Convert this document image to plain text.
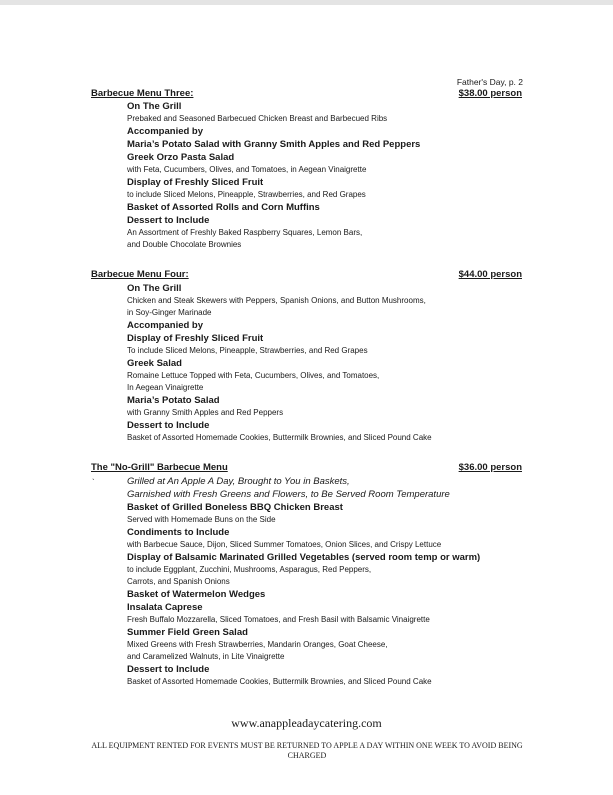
Father's Day, p. 2
Barbecue Menu Three:	$38.00 person
On The Grill
Prebaked and Seasoned Barbecued Chicken Breast and Barbecued Ribs
Accompanied by
Maria’s Potato Salad with Granny Smith Apples and Red Peppers
Greek Orzo Pasta Salad
with Feta, Cucumbers, Olives, and Tomatoes, in Aegean Vinaigrette
Display of Freshly Sliced Fruit
to include Sliced Melons, Pineapple, Strawberries, and Red Grapes
Basket of Assorted Rolls and Corn Muffins
Dessert to Include
An Assortment of Freshly Baked Raspberry Squares, Lemon Bars,
and Double Chocolate Brownies
Barbecue Menu Four:	$44.00 person
On The Grill
Chicken and Steak Skewers with Peppers, Spanish Onions, and Button Mushrooms,
in Soy-Ginger Marinade
Accompanied by
Display of Freshly Sliced Fruit
To include Sliced Melons, Pineapple, Strawberries, and Red Grapes
Greek Salad
Romaine Lettuce Topped with Feta, Cucumbers, Olives, and Tomatoes,
In Aegean Vinaigrette
Maria’s Potato Salad
with Granny Smith Apples and Red Peppers
Dessert to Include
Basket of Assorted Homemade Cookies, Buttermilk Brownies, and Sliced Pound Cake
The "No-Grill" Barbecue Menu	$36.00 person
`	Grilled at An Apple A Day, Brought to You in Baskets,
Garnished with Fresh Greens and Flowers, to Be Served Room Temperature
Basket of Grilled Boneless BBQ Chicken Breast
Served with Homemade Buns on the Side
Condiments to Include
with Barbecue Sauce, Dijon, Sliced Summer Tomatoes, Onion Slices, and Crispy Lettuce
Display of Balsamic Marinated Grilled Vegetables (served room temp or warm)
to include Eggplant, Zucchini, Mushrooms, Asparagus, Red Peppers,
Carrots, and Spanish Onions
Basket of Watermelon Wedges
Insalata Caprese
Fresh Buffalo Mozzarella, Sliced Tomatoes, and Fresh Basil with Balsamic Vinaigrette
Summer Field Green Salad
Mixed Greens with Fresh Strawberries, Mandarin Oranges, Goat Cheese,
and Caramelized Walnuts, in Lite Vinaigrette
Dessert to Include
Basket of Assorted Homemade Cookies, Buttermilk Brownies, and Sliced Pound Cake
www.anappleadaycatering.com
ALL EQUIPMENT RENTED FOR EVENTS MUST BE RETURNED TO APPLE A DAY WITHIN ONE WEEK TO AVOID BEING CHARGED
